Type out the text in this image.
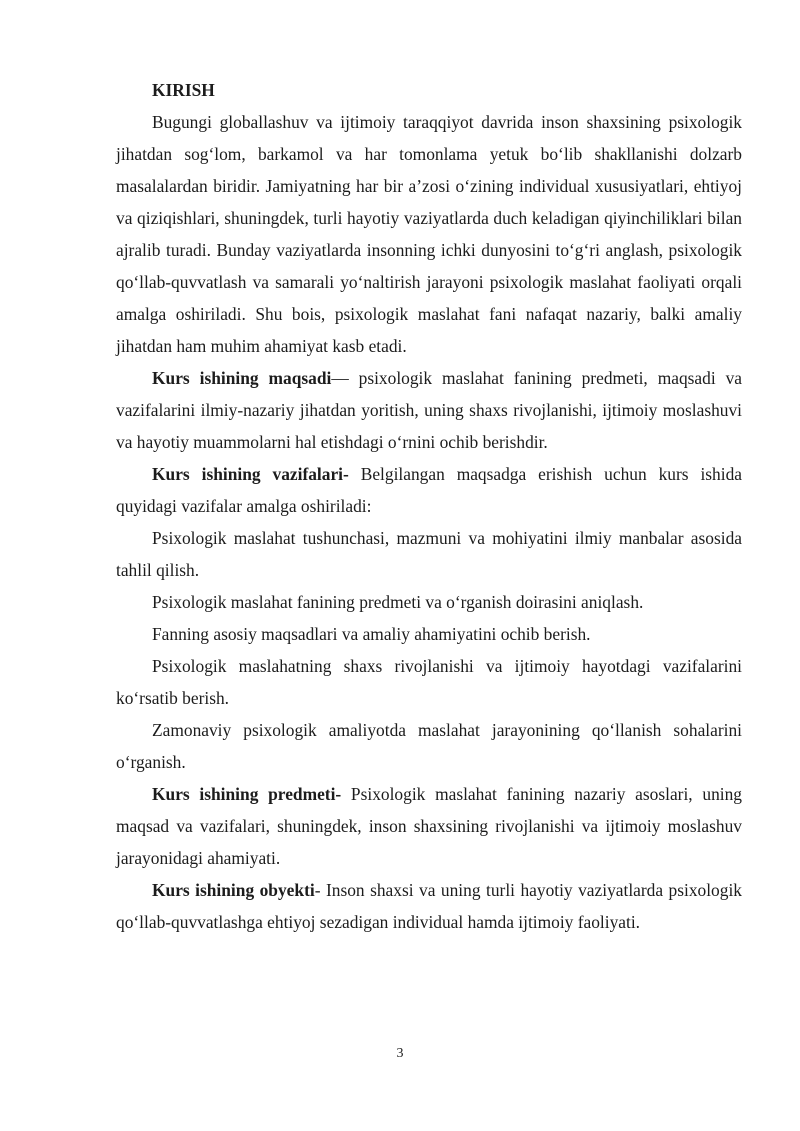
KIRISH

Bugungi globallashuv va ijtimoiy taraqqiyot davrida inson shaxsining psixologik jihatdan sog‘lom, barkamol va har tomonlama yetuk bo‘lib shakllanishi dolzarb masalalardan biridir. Jamiyatning har bir a’zosi o‘zining individual xususiyatlari, ehtiyoj va qiziqishlari, shuningdek, turli hayotiy vaziyatlarda duch keladigan qiyinchiliklari bilan ajralib turadi. Bunday vaziyatlarda insonning ichki dunyosini to‘g‘ri anglash, psixologik qo‘llab-quvvatlash va samarali yo‘naltirish jarayoni psixologik maslahat faoliyati orqali amalga oshiriladi. Shu bois, psixologik maslahat fani nafaqat nazariy, balki amaliy jihatdan ham muhim ahamiyat kasb etadi.

Kurs ishining maqsadi— psixologik maslahat fanining predmeti, maqsadi va vazifalarini ilmiy-nazariy jihatdan yoritish, uning shaxs rivojlanishi, ijtimoiy moslashuvi va hayotiy muammolarni hal etishdagi o‘rnini ochib berishdir.

Kurs ishining vazifalari- Belgilangan maqsadga erishish uchun kurs ishida quyidagi vazifalar amalga oshiriladi:

Psixologik maslahat tushunchasi, mazmuni va mohiyatini ilmiy manbalar asosida tahlil qilish.

Psixologik maslahat fanining predmeti va o‘rganish doirasini aniqlash.

Fanning asosiy maqsadlari va amaliy ahamiyatini ochib berish.

Psixologik maslahatning shaxs rivojlanishi va ijtimoiy hayotdagi vazifalarini ko‘rsatib berish.

Zamonaviy psixologik amaliyotda maslahat jarayonining qo‘llanish sohalarini o‘rganish.

Kurs ishining predmeti- Psixologik maslahat fanining nazariy asoslari, uning maqsad va vazifalari, shuningdek, inson shaxsining rivojlanishi va ijtimoiy moslashuv jarayonidagi ahamiyati.

Kurs ishining obyekti- Inson shaxsi va uning turli hayotiy vaziyatlarda psixologik qo‘llab-quvvatlashga ehtiyoj sezadigan individual hamda ijtimoiy faoliyati.

3
